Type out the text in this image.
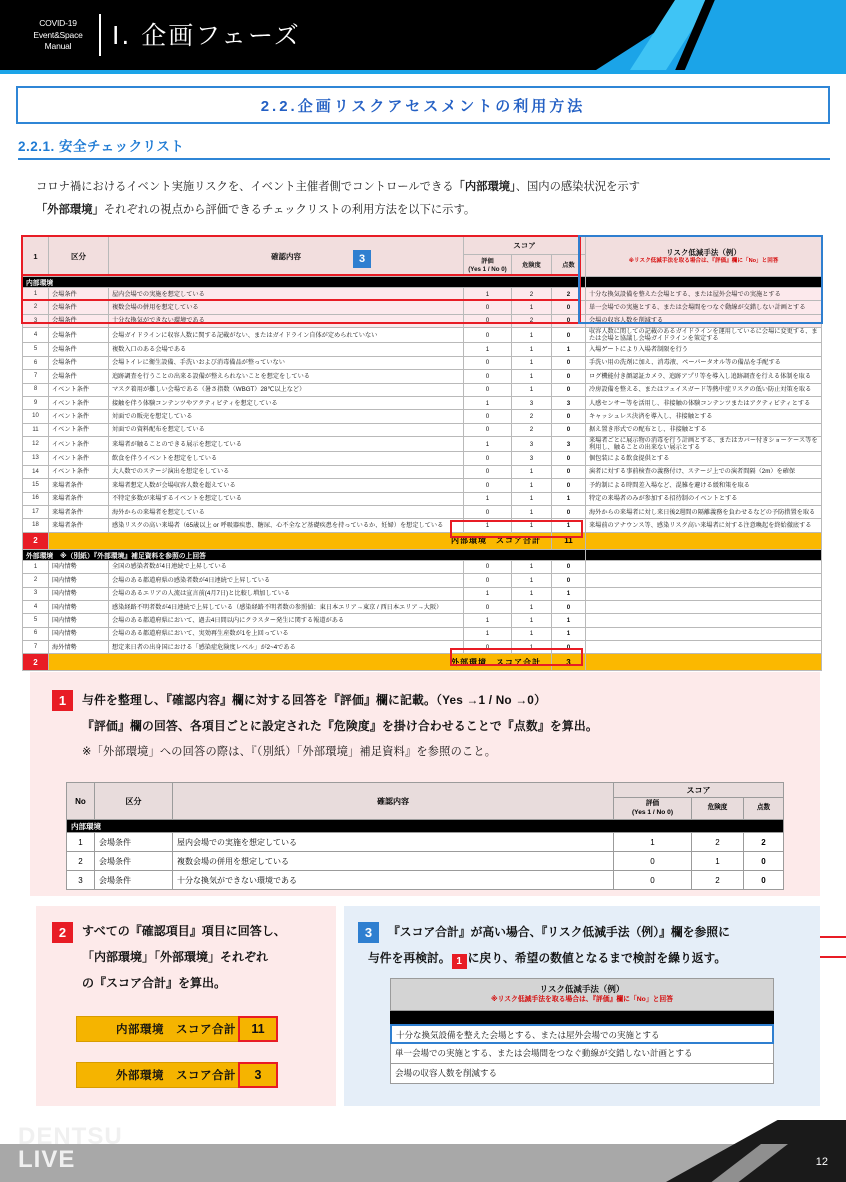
COVID-19
Event&Space
Manual	Ⅰ. 企画フェーズ
2.2.企画リスクアセスメントの利用方法
2.2.1. 安全チェックリスト
コロナ禍におけるイベント実施リスクを、イベント主催者側でコントロールできる「内部環境」、国内の感染状況を示す
「外部環境」それぞれの視点から評価できるチェックリストの利用方法を以下に示す。
1	区分	確認内容	スコア			3
リスク低減手法（例）
※リスク低減手法を取る場合は、『評価』欄に「No」と回答

			評価
(Yes 1 / No 0)	危険度	点数	
内部環境						
1	会場条件	屋内会場での実施を想定している	1	2	2	十分な換気設備を整えた会場とする、または屋外会場での実施とする
2	会場条件	複数会場の併用を想定している	0	1	0	単一会場での実施とする、または会場間をつなぐ動線が交錯しない計画とする
3	会場条件	十分な換気ができない環境である	0	2	0	会場の収容人数を削減する
4	会場条件	会場ガイドラインに収容人数に関する記載がない、またはガイドライン自体が定められていない	0	1	0	収容人数に関しての記載のあるガイドラインを運用しているに会場に変更する、または会場と協議し会場ガイドラインを策定する
5	会場条件	複数入口のある会場である	1	1	1	入場ゲートにより入場者制限を行う
6	会場条件	会場トイレに衛生設備、手洗いおよび消毒備品が整っていない	0	1	0	手洗い用の洗剤に加え、消毒液、ペーパータオル等の備品を手配する
7	会場条件	追跡調査を行うことの出来る設備が整えられないことを想定をしている	0	1	0	ログ機能付き顔認証カメラ、追跡アプリ等を導入し追跡調査を行える体制を取る
8	イベント条件	マスク着用が難しい会場である（暑さ指数（WBGT）28℃以上など）	0	1	0	冷房設備を整える、またはフェイスガード等熱中症リスクの低い防止対策を取る
9	イベント条件	接触を伴う体験コンテンツやアクティビティを想定している	1	3	3	人感センサー等を活用し、非接触の体験コンテンツまたはアクティビティとする
10	イベント条件	対面での販売を想定している	0	2	0	キャッシュレス決済を導入し、非接触とする
11	イベント条件	対面での資料配布を想定している	0	2	0	据え置き形式での配布とし、非接触とする
12	イベント条件	来場者が触ることのできる展示を想定している	1	3	3	来場者ごとに展示物の消毒を行う計画とする、またはカバー付きショーケース等を利用し、触ることの出来ない展示とする
13	イベント条件	飲食を伴うイベントを想定をしている	0	3	0	個包装による飲食提供とする
14	イベント条件	大人数でのステージ演出を想定をしている	0	1	0	演者に対する事前検査の義務付け、ステージ上での演者間隔（2m）を確保
15	来場者条件	来場者想定人数が会場収容人数を超えている	0	1	0	予約制による時間差入場など、混雑を避ける緩和策を取る
16	来場者条件	不特定多数が来場するイベントを想定している	1	1	1	特定の来場者のみが参加する招待制のイベントとする
17	来場者条件	海外からの来場者を想定している	0	1	0	海外からの来場者に対し来日後2週間の隔離義務を負わせるなどの予防措置を取る
18	来場者条件	感染リスクの高い来場者（65歳以上 or 呼吸器疾患、糖尿、心不全など基礎疾患を持っているか、妊婦）を想定している	1	1	1	来場前のアナウンス等、感染リスク高い来場者に対する注意喚起を終始徹底する
2	内部環境　スコア合計				11	
外部環境　※（別紙）『外部環境』補足資料を参照の上回答						
1	国内情勢	全国の感染者数が4日連続で上昇している	0	1	0	
2	国内情勢	会場のある都道府県の感染者数が4日連続で上昇している	0	1	0	
3	国内情勢	会場のあるエリアの人流は宣言前(4月7日)と比較し増加している	1	1	1	
4	国内情勢	感染経路不明者数が4日連続で上昇している（感染経路不明者数の参照値：東日本エリア→東京 / 西日本エリア→大阪）	0	1	0	
5	国内情勢	会場のある都道府県において、過去4日間以内にクラスター発生に関する報道がある	1	1	1	
6	国内情勢	会場のある都道府県において、実効再生産数が1を上回っている	1	1	1	
7	海外情勢	想定来日者の出身国における「感染症危険度レベル」が2~4である	0	1	0	
2	外部環境　スコア合計				3	
1	与件を整理し、『確認内容』欄に対する回答を『評価』欄に記載。（Yes →1 / No →0）
『評価』欄の回答、各項目ごとに設定された『危険度』を掛け合わせることで『点数』を算出。
※「外部環境」への回答の際は、『（別紙）「外部環境」補足資料』を参照のこと。
No	区分	確認内容	スコア		
			評価
(Yes 1 / No 0)	危険度	点数
内部環境					
1	会場条件	屋内会場での実施を想定している	1	2	2
2	会場条件	複数会場の併用を想定している	0	1	0
3	会場条件	十分な換気ができない環境である	0	2	0
2	すべての『確認項目』項目に回答し、
「内部環境」「外部環境」それぞれ
の『スコア合計』を算出。
内部環境　スコア合計	11
外部環境　スコア合計	3
3	『スコア合計』が高い場合、『リスク低減手法（例）』欄を参照に
与件を再検討。 1 に戻り、希望の数値となるまで検討を繰り返す。
リスク低減手法（例）
※リスク低減手法を取る場合は、『評価』欄に「No」と回答
十分な換気設備を整えた会場とする、または屋外会場での実施とする
単一会場での実施とする、または会場間をつなぐ動線が交錯しない計画とする
会場の収容人数を削減する
DENTSU
LIVE	12
